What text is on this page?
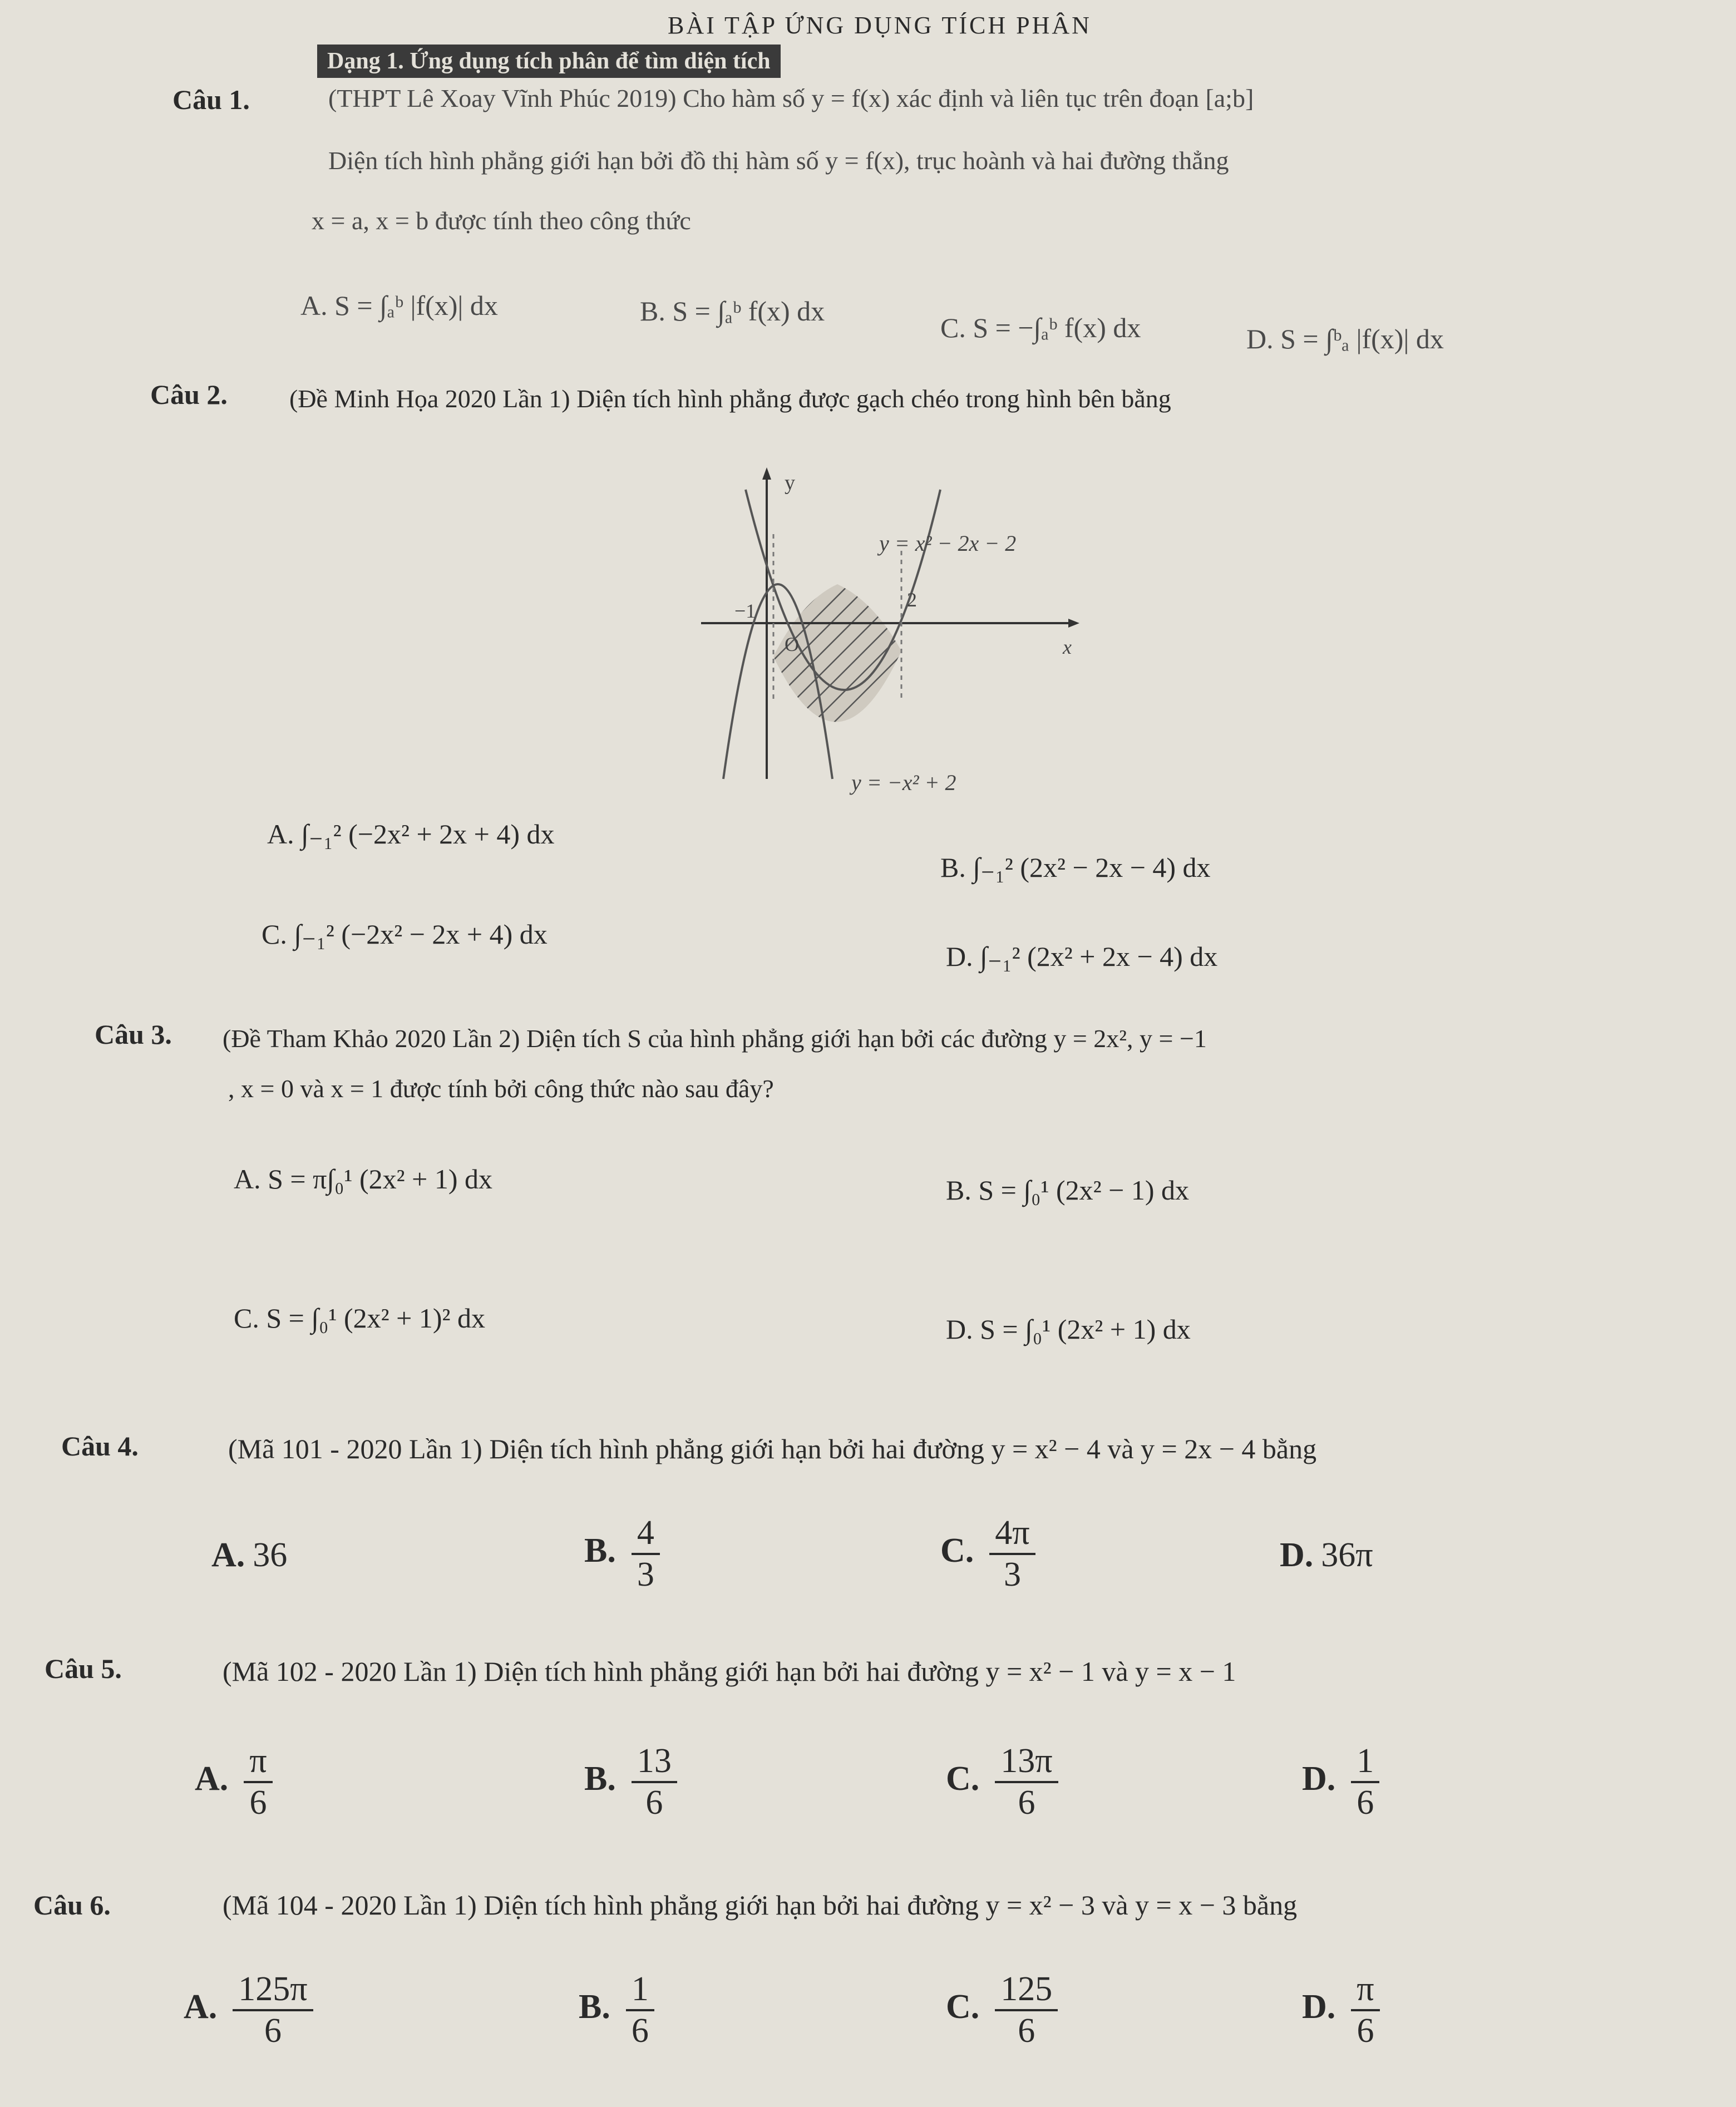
BÀI TẬP ỨNG DỤNG TÍCH PHÂN
Dạng 1. Ứng dụng tích phân để tìm diện tích
Câu 1.	(THPT Lê Xoay Vĩnh Phúc 2019) Cho hàm số y = f(x) xác định và liên tục trên đoạn [a;b]
Diện tích hình phẳng giới hạn bởi đồ thị hàm số y = f(x), trục hoành và hai đường thẳng
x = a, x = b được tính theo công thức
A. S = ∫ₐᵇ |f(x)| dx	B. S = ∫ₐᵇ f(x) dx
C. S = −∫ₐᵇ f(x) dx	D. S = ∫ᵇₐ |f(x)| dx
Câu 2. (Đề Minh Họa 2020 Lần 1) Diện tích hình phẳng được gạch chéo trong hình bên bằng
y
x
O
−1	2
y = x² − 2x − 2
y = −x² + 2
A. ∫₋₁² (−2x² + 2x + 4) dx
B. ∫₋₁² (2x² − 2x − 4) dx
C. ∫₋₁² (−2x² − 2x + 4) dx
D. ∫₋₁² (2x² + 2x − 4) dx
Câu 3. (Đề Tham Khảo 2020 Lần 2) Diện tích S của hình phẳng giới hạn bởi các đường y = 2x², y = −1
, x = 0 và x = 1 được tính bởi công thức nào sau đây?
A. S = π∫₀¹ (2x² + 1) dx	B. S = ∫₀¹ (2x² − 1) dx
C. S = ∫₀¹ (2x² + 1)² dx	D. S = ∫₀¹ (2x² + 1) dx
Câu 4.	(Mã 101 - 2020 Lần 1) Diện tích hình phẳng giới hạn bởi hai đường y = x² − 4 và y = 2x − 4 bằng
A. 36	B. $\frac{4}{3}$	C. $\frac{4\pi}{3}$	D. 36π
Câu 5.	(Mã 102 - 2020 Lần 1) Diện tích hình phẳng giới hạn bởi hai đường y = x² − 1 và y = x − 1
A. $\frac{\pi}{6}$	B. $\frac{13}{6}$	C. $\frac{13\pi}{6}$	D. $\frac{1}{6}$
Câu 6.	(Mã 104 - 2020 Lần 1) Diện tích hình phẳng giới hạn bởi hai đường y = x² − 3 và y = x − 3 bằng
A. $\frac{125\pi}{6}$	B. $\frac{1}{6}$	C. $\frac{125}{6}$	D. $\frac{\pi}{6}$
